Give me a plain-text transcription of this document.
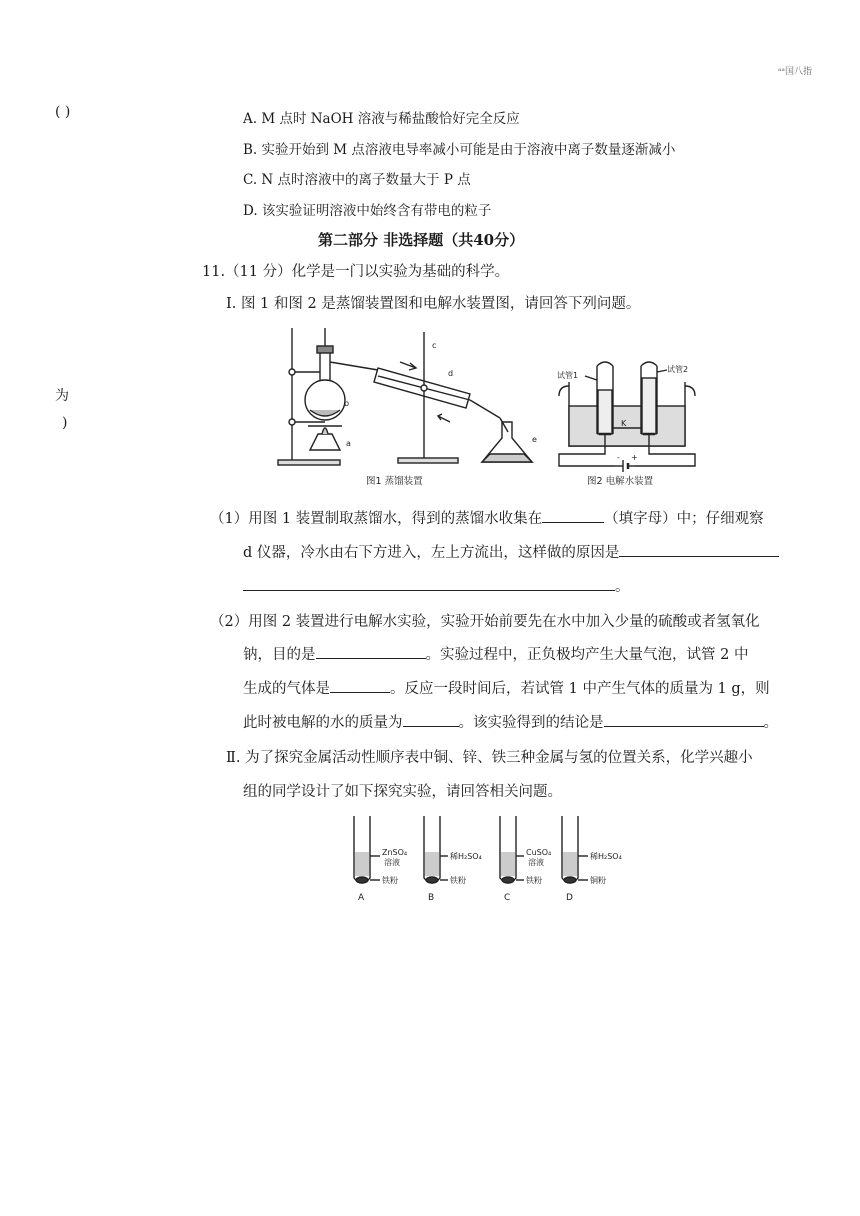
ᵃᵃ国八指
( )
为
)
A. M 点时 NaOH 溶液与稀盐酸恰好完全反应
B. 实验开始到 M 点溶液电导率减小可能是由于溶液中离子数量逐渐减小
C. N 点时溶液中的离子数量大于 P 点
D. 该实验证明溶液中始终含有带电的粒子
第二部分 非选择题（共40分）
11.（11 分）化学是一门以实验为基础的科学。
Ⅰ. 图 1 和图 2 是蒸馏装置图和电解水装置图，请回答下列问题。
b
a
c
d
e
图1 蒸馏装置
试管1
试管2
K
- +
图2 电解水装置
（1）用图 1 装置制取蒸馏水，得到的蒸馏水收集在	（填字母）中；仔细观察
d 仪器，冷水由右下方进入，左上方流出，这样做的原因是
。
（2）用图 2 装置进行电解水实验，实验开始前要先在水中加入少量的硫酸或者氢氧化
钠，目的是	。实验过程中，正负极均产生大量气泡，试管 2 中
生成的气体是	。反应一段时间后，若试管 1 中产生气体的质量为 1 g，则
此时被电解的水的质量为	。该实验得到的结论是	。
Ⅱ. 为了探究金属活动性顺序表中铜、锌、铁三种金属与氢的位置关系，化学兴趣小
组的同学设计了如下探究实验，请回答相关问题。
ZnSO₄
溶液
铁粉
A
稀H₂SO₄
铁粉
B
CuSO₄
溶液
铁粉
C
稀H₂SO₄
铜粉
D
